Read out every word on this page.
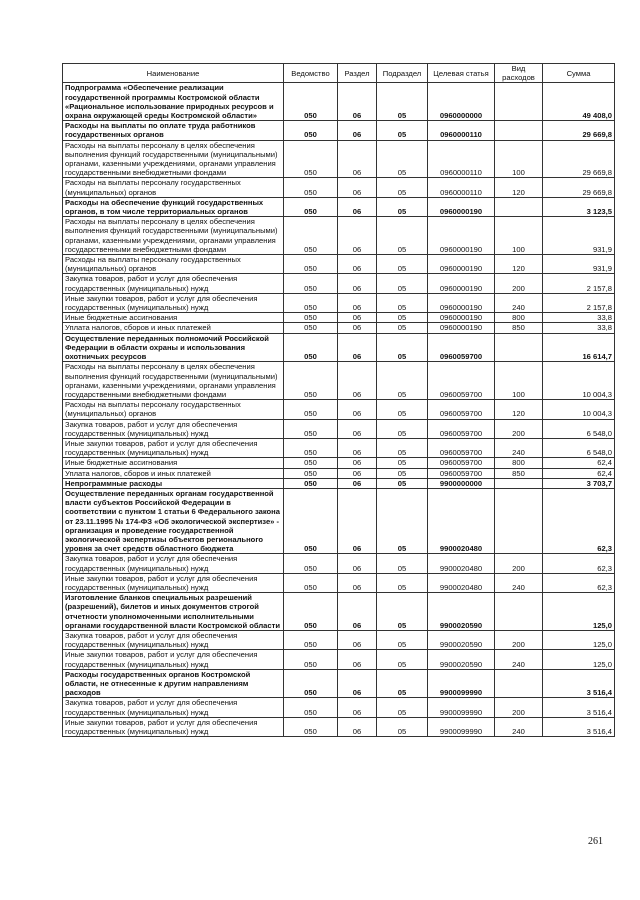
Наименование	Ведомство	Раздел	Подраздел	Целевая статья	Вид расходов	Сумма
Подпрограмма «Обеспечение реализации государственной программы Костромской области «Рациональное использование природных ресурсов и охрана окружающей среды Костромской области»	050	06	05	0960000000		49 408,0
Расходы на выплаты по оплате труда работников государственных органов	050	06	05	0960000110		29 669,8
Расходы на выплаты персоналу в целях обеспечения выполнения функций государственными (муниципальными) органами, казенными учреждениями, органами управления государственными внебюджетными фондами	050	06	05	0960000110	100	29 669,8
Расходы на выплаты персоналу государственных (муниципальных) органов	050	06	05	0960000110	120	29 669,8
Расходы на обеспечение функций государственных органов, в том числе территориальных органов	050	06	05	0960000190		3 123,5
Расходы на выплаты персоналу в целях обеспечения выполнения функций государственными (муниципальными) органами, казенными учреждениями, органами управления государственными внебюджетными фондами	050	06	05	0960000190	100	931,9
Расходы на выплаты персоналу государственных (муниципальных) органов	050	06	05	0960000190	120	931,9
Закупка товаров, работ и услуг для обеспечения государственных (муниципальных) нужд	050	06	05	0960000190	200	2 157,8
Иные закупки товаров, работ и услуг для обеспечения государственных (муниципальных) нужд	050	06	05	0960000190	240	2 157,8
Иные бюджетные ассигнования	050	06	05	0960000190	800	33,8
Уплата налогов, сборов и иных платежей	050	06	05	0960000190	850	33,8
Осуществление переданных полномочий Российской Федерации в области охраны и использования охотничьих ресурсов	050	06	05	0960059700		16 614,7
Расходы на выплаты персоналу в целях обеспечения выполнения функций государственными (муниципальными) органами, казенными учреждениями, органами управления государственными внебюджетными фондами	050	06	05	0960059700	100	10 004,3
Расходы на выплаты персоналу государственных (муниципальных) органов	050	06	05	0960059700	120	10 004,3
Закупка товаров, работ и услуг для обеспечения государственных (муниципальных) нужд	050	06	05	0960059700	200	6 548,0
Иные закупки товаров, работ и услуг для обеспечения государственных (муниципальных) нужд	050	06	05	0960059700	240	6 548,0
Иные бюджетные ассигнования	050	06	05	0960059700	800	62,4
Уплата налогов, сборов и иных платежей	050	06	05	0960059700	850	62,4
Непрограммные расходы	050	06	05	9900000000		3 703,7
Осуществление переданных органам государственной власти субъектов Российской Федерации в соответствии с пунктом 1 статьи 6 Федерального закона от 23.11.1995 № 174-ФЗ «Об экологической экспертизе» - организация и проведение государственной экологической экспертизы объектов регионального уровня за счет средств областного бюджета	050	06	05	9900020480		62,3
Закупка товаров, работ и услуг для обеспечения государственных (муниципальных) нужд	050	06	05	9900020480	200	62,3
Иные закупки товаров, работ и услуг для обеспечения государственных (муниципальных) нужд	050	06	05	9900020480	240	62,3
Изготовление бланков специальных разрешений (разрешений), билетов и иных документов строгой отчетности уполномоченными исполнительными органами государственной власти Костромской области	050	06	05	9900020590		125,0
Закупка товаров, работ и услуг для обеспечения государственных (муниципальных) нужд	050	06	05	9900020590	200	125,0
Иные закупки товаров, работ и услуг для обеспечения государственных (муниципальных) нужд	050	06	05	9900020590	240	125,0
Расходы государственных органов Костромской области, не отнесенные к другим направлениям расходов	050	06	05	9900099990		3 516,4
Закупка товаров, работ и услуг для обеспечения государственных (муниципальных) нужд	050	06	05	9900099990	200	3 516,4
Иные закупки товаров, работ и услуг для обеспечения государственных (муниципальных) нужд	050	06	05	9900099990	240	3 516,4
261
